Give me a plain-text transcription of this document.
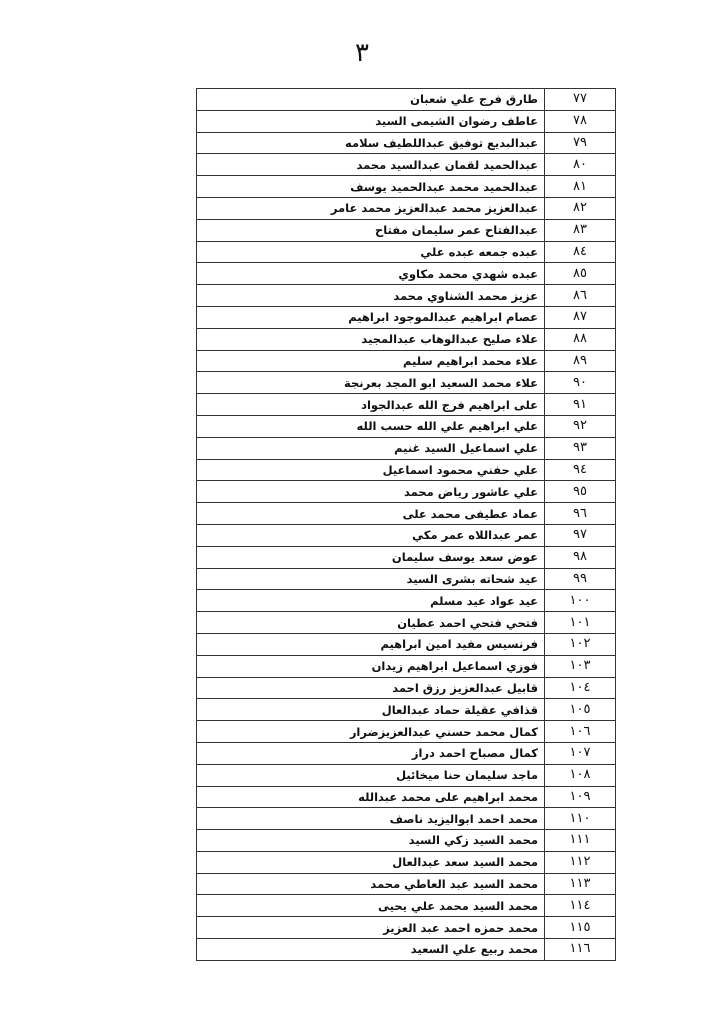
٣
٧٧	طارق فرج علي شعبان
٧٨	عاطف رضوان الشيمى السيد
٧٩	عبدالبديع توفيق عبداللطيف سلامه
٨٠	عبدالحميد لقمان عبدالسيد محمد
٨١	عبدالحميد محمد عبدالحميد يوسف
٨٢	عبدالعزيز محمد عبدالعزيز محمد عامر
٨٣	عبدالفتاح عمر سليمان مفتاح
٨٤	عبده جمعه عبده علي
٨٥	عبده شهدي محمد مكاوي
٨٦	عزيز محمد الشناوي محمد
٨٧	عصام ابراهيم عبدالموجود ابراهيم
٨٨	علاء صليح عبدالوهاب عبدالمجيد
٨٩	علاء محمد ابراهيم سليم
٩٠	علاء محمد السعيد ابو المجد بعرنجة
٩١	على ابراهيم فرج الله عبدالجواد
٩٢	علي ابراهيم علي الله حسب الله
٩٣	علي اسماعيل السيد غنيم
٩٤	علي حفني محمود اسماعيل
٩٥	علي عاشور رياض محمد
٩٦	عماد عطيفى محمد على
٩٧	عمر عبداللاه عمر مكي
٩٨	عوض سعد يوسف سليمان
٩٩	عيد شحاته بشرى السيد
١٠٠	عيد عواد عيد مسلم
١٠١	فتحي فتحي احمد عطيان
١٠٢	فرنسيس مفيد امين ابراهيم
١٠٣	فوزي اسماعيل ابراهيم زيدان
١٠٤	قابيل عبدالعزيز رزق احمد
١٠٥	قذافي عقيلة حماد عبدالعال
١٠٦	كمال محمد حسني عبدالعزيزضرار
١٠٧	كمال مصباح احمد دراز
١٠٨	ماجد سليمان حنا ميخائيل
١٠٩	محمد ابراهيم على محمد عبدالله
١١٠	محمد احمد ابواليزيد ناصف
١١١	محمد السيد زكي السيد
١١٢	محمد السيد سعد عبدالعال
١١٣	محمد السيد عبد العاطي محمد
١١٤	محمد السيد محمد علي يحيى
١١٥	محمد حمزه احمد عبد العزيز
١١٦	محمد ربيع علي السعيد
